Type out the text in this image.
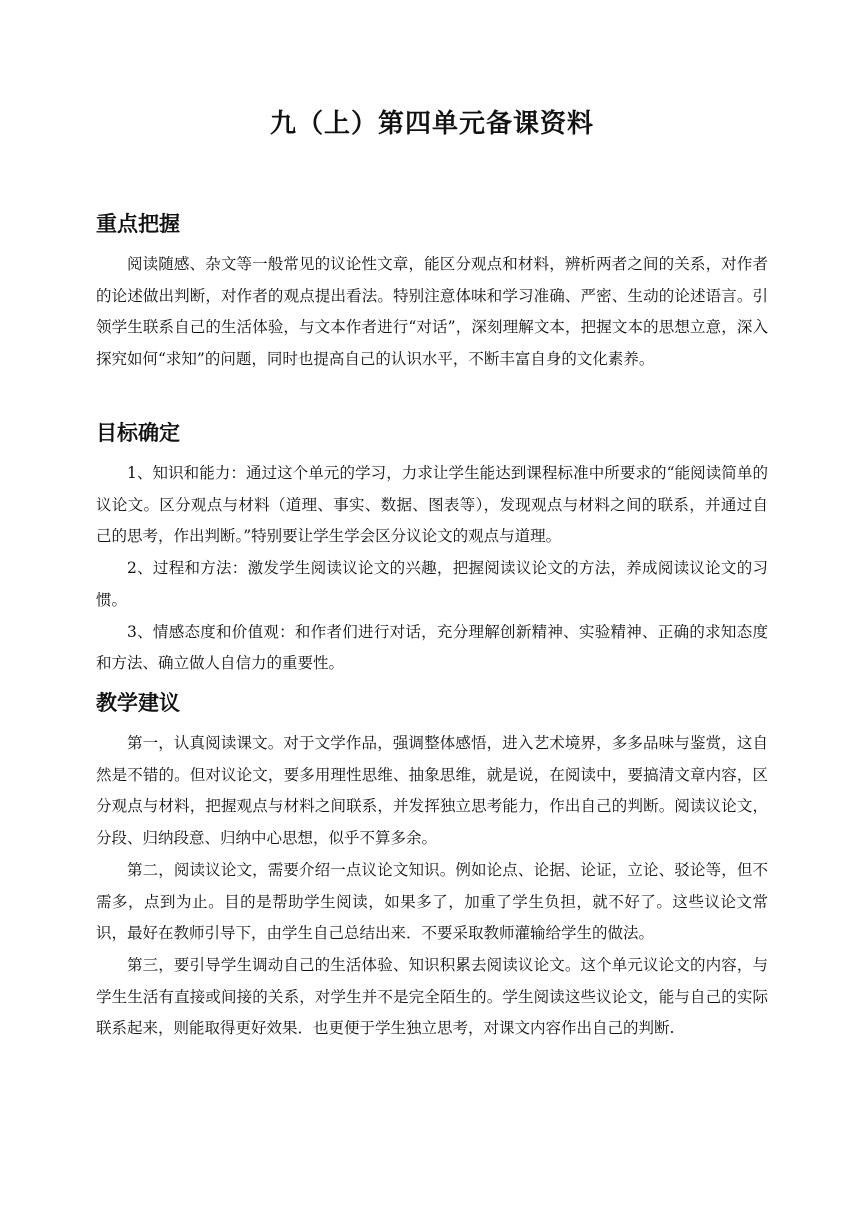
九（上）第四单元备课资料
重点把握

阅读随感、杂文等一般常见的议论性文章，能区分观点和材料，辨析两者之间的关系，对作者的论述做出判断，对作者的观点提出看法。特别注意体味和学习准确、严密、生动的论述语言。引领学生联系自己的生活体验，与文本作者进行“对话”，深刻理解文本，把握文本的思想立意，深入探究如何“求知”的问题，同时也提高自己的认识水平，不断丰富自身的文化素养。

目标确定

1、知识和能力：通过这个单元的学习，力求让学生能达到课程标准中所要求的“能阅读简单的议论文。区分观点与材料（道理、事实、数据、图表等），发现观点与材料之间的联系，并通过自己的思考，作出判断。”特别要让学生学会区分议论文的观点与道理。

2、过程和方法：激发学生阅读议论文的兴趣，把握阅读议论文的方法，养成阅读议论文的习惯。

3、情感态度和价值观：和作者们进行对话，充分理解创新精神、实验精神、正确的求知态度和方法、确立做人自信力的重要性。

教学建议

第一，认真阅读课文。对于文学作品，强调整体感悟，进入艺术境界，多多品味与鉴赏，这自然是不错的。但对议论文，要多用理性思维、抽象思维，就是说，在阅读中，要搞清文章内容，区分观点与材料，把握观点与材料之间联系，并发挥独立思考能力，作出自己的判断。阅读议论文，分段、归纳段意、归纳中心思想，似乎不算多余。

第二，阅读议论文，需要介绍一点议论文知识。例如论点、论据、论证，立论、驳论等，但不需多，点到为止。目的是帮助学生阅读，如果多了，加重了学生负担，就不好了。这些议论文常识，最好在教师引导下，由学生自己总结出来．不要采取教师灌输给学生的做法。

第三，要引导学生调动自己的生活体验、知识积累去阅读议论文。这个单元议论文的内容，与学生生活有直接或间接的关系，对学生并不是完全陌生的。学生阅读这些议论文，能与自己的实际联系起来，则能取得更好效果．也更便于学生独立思考，对课文内容作出自己的判断.
